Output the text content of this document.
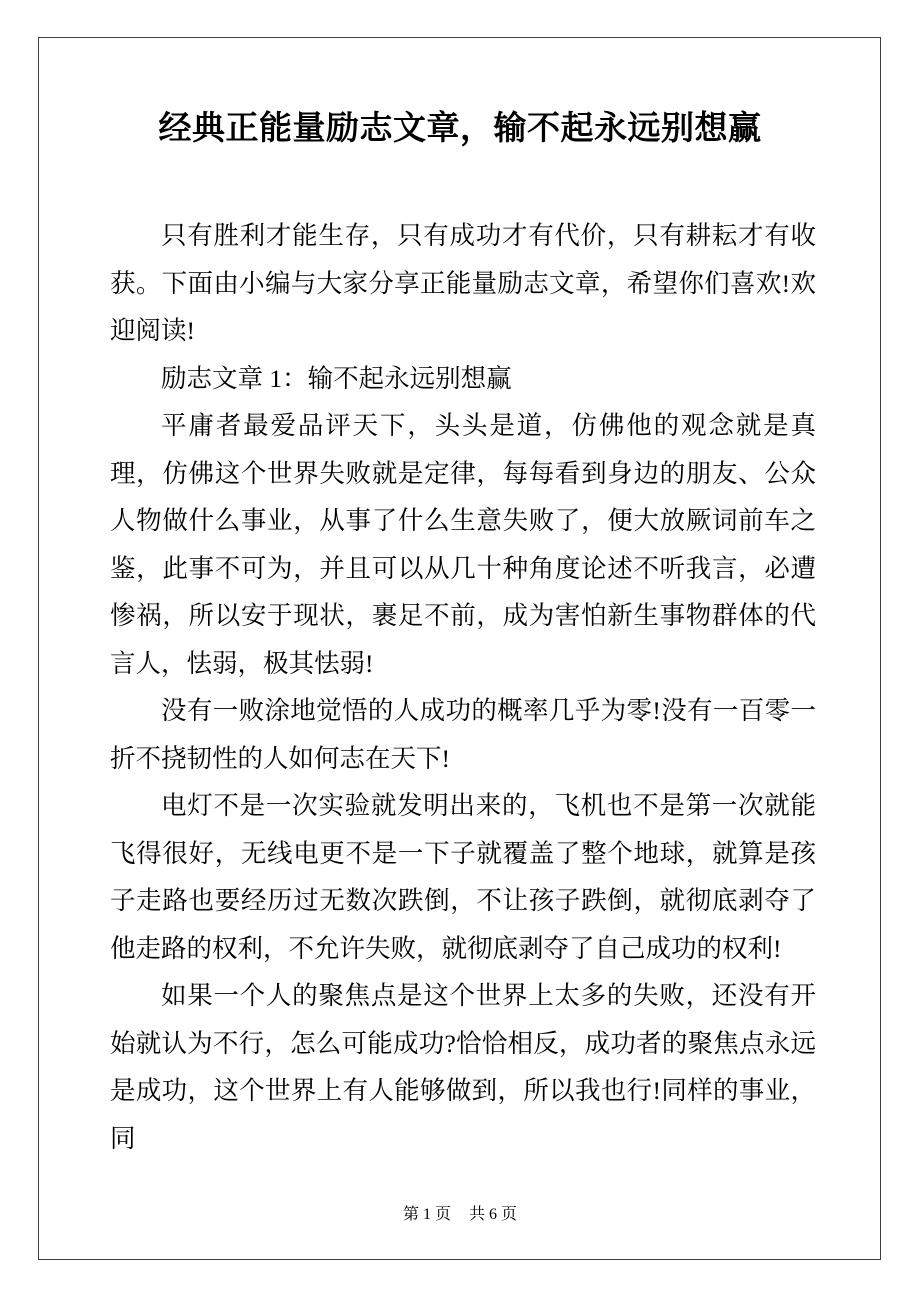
经典正能量励志文章，输不起永远别想赢

只有胜利才能生存，只有成功才有代价，只有耕耘才有收获。下面由小编与大家分享正能量励志文章，希望你们喜欢!欢迎阅读!

励志文章 1：输不起永远别想赢

平庸者最爱品评天下，头头是道，仿佛他的观念就是真理，仿佛这个世界失败就是定律，每每看到身边的朋友、公众人物做什么事业，从事了什么生意失败了，便大放厥词前车之鉴，此事不可为，并且可以从几十种角度论述不听我言，必遭惨祸，所以安于现状，裹足不前，成为害怕新生事物群体的代言人，怯弱，极其怯弱!

没有一败涂地觉悟的人成功的概率几乎为零!没有一百零一折不挠韧性的人如何志在天下!

电灯不是一次实验就发明出来的，飞机也不是第一次就能飞得很好，无线电更不是一下子就覆盖了整个地球，就算是孩子走路也要经历过无数次跌倒，不让孩子跌倒，就彻底剥夺了他走路的权利，不允许失败，就彻底剥夺了自己成功的权利!

如果一个人的聚焦点是这个世界上太多的失败，还没有开始就认为不行，怎么可能成功?恰恰相反，成功者的聚焦点永远是成功，这个世界上有人能够做到，所以我也行!同样的事业，同

第 1 页 共 6 页
